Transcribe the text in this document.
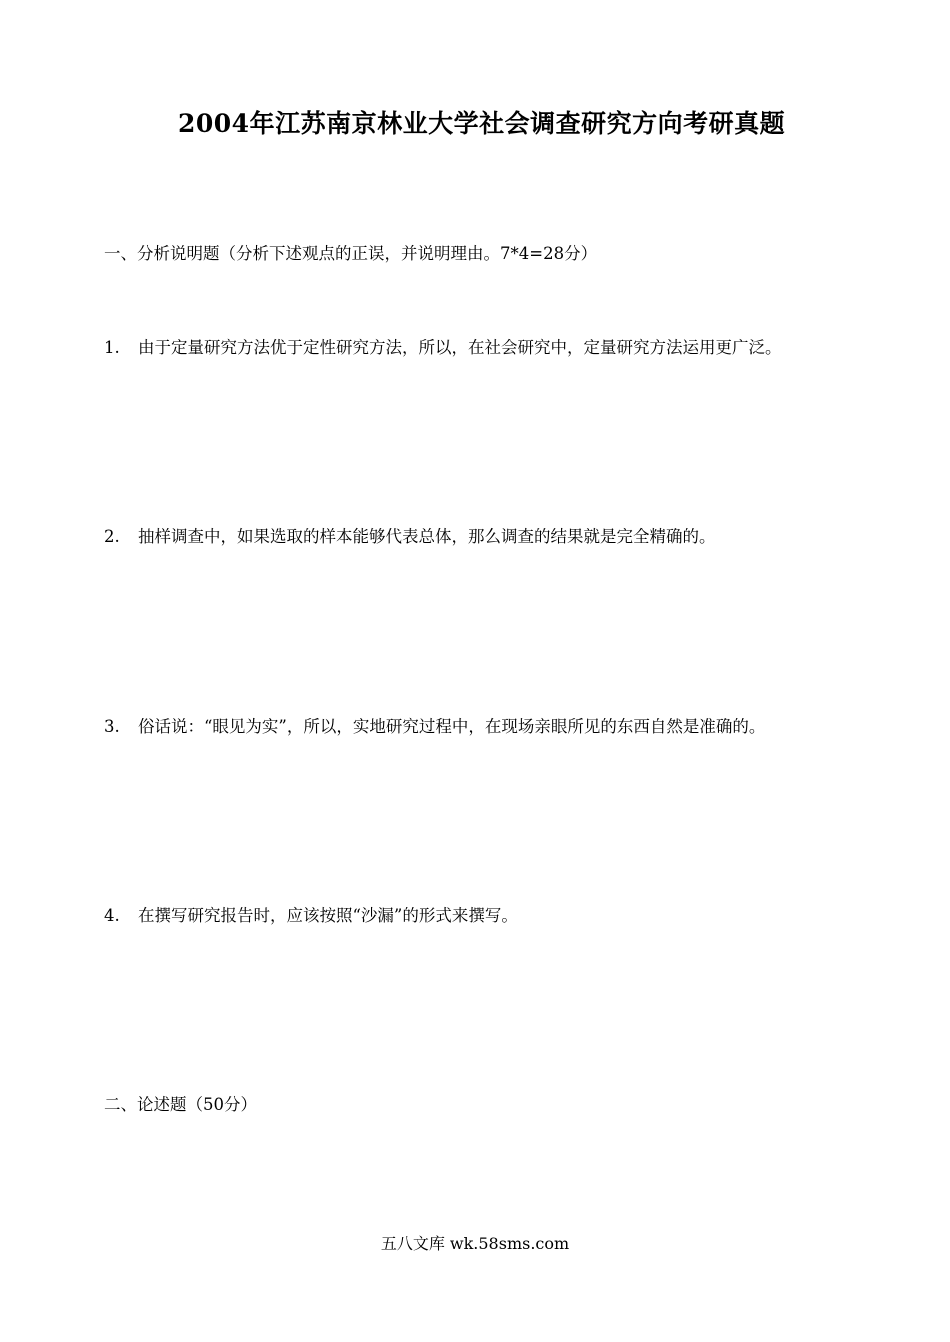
2004年江苏南京林业大学社会调查研究方向考研真题
一、分析说明题（分析下述观点的正误，并说明理由。7*4=28分）
1. 由于定量研究方法优于定性研究方法，所以，在社会研究中，定量研究方法运用更广泛。
2. 抽样调查中，如果选取的样本能够代表总体，那么调查的结果就是完全精确的。
3. 俗话说：“眼见为实”，所以，实地研究过程中，在现场亲眼所见的东西自然是准确的。
4. 在撰写研究报告时，应该按照“沙漏”的形式来撰写。
二、论述题（50分）
五八文库 wk.58sms.com
